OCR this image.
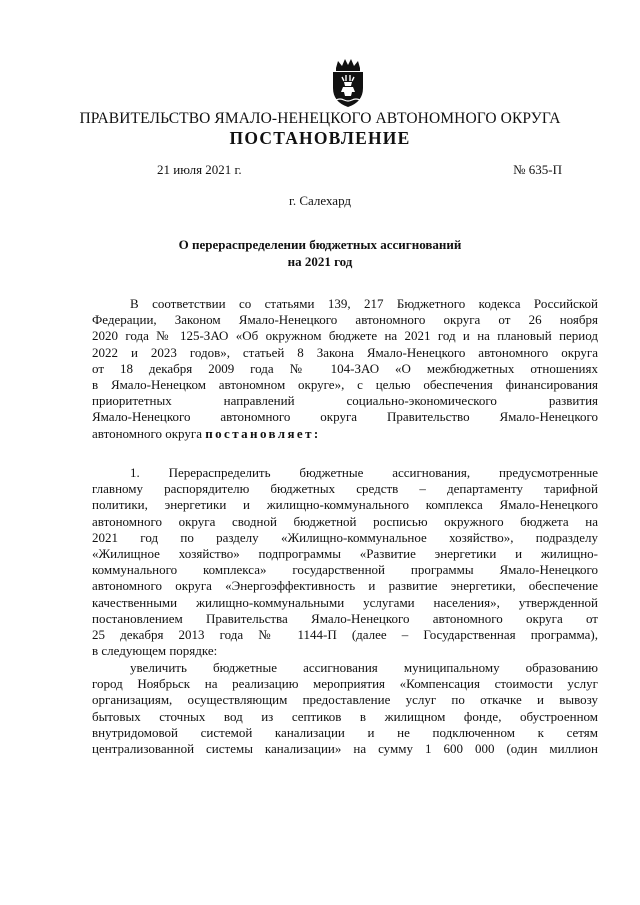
ПРАВИТЕЛЬСТВО ЯМАЛО-НЕНЕЦКОГО АВТОНОМНОГО ОКРУГА
ПОСТАНОВЛЕНИЕ
21 июля 2021 г.	№ 635-П
г. Салехард
О перераспределении бюджетных ассигнований
на 2021 год
В соответствии со статьями 139, 217 Бюджетного кодекса Российской
Федерации, Законом Ямало-Ненецкого автономного округа от 26 ноября
2020 года № 125-ЗАО «Об окружном бюджете на 2021 год и на плановый период
2022 и 2023 годов», статьей 8 Закона Ямало-Ненецкого автономного округа
от 18 декабря 2009 года № 104-ЗАО «О межбюджетных отношениях
в Ямало-Ненецком автономном округе», с целью обеспечения финансирования
приоритетных направлений социально-экономического развития
Ямало-Ненецкого автономного округа Правительство Ямало-Ненецкого
автономного округа постановляет:
1. Перераспределить бюджетные ассигнования, предусмотренные
главному распорядителю бюджетных средств – департаменту тарифной
политики, энергетики и жилищно-коммунального комплекса Ямало-Ненецкого
автономного округа сводной бюджетной росписью окружного бюджета на
2021 год по разделу «Жилищно-коммунальное хозяйство», подразделу
«Жилищное хозяйство» подпрограммы «Развитие энергетики и жилищно-
коммунального комплекса» государственной программы Ямало-Ненецкого
автономного округа «Энергоэффективность и развитие энергетики, обеспечение
качественными жилищно-коммунальными услугами населения», утвержденной
постановлением Правительства Ямало-Ненецкого автономного округа от
25 декабря 2013 года № 1144-П (далее – Государственная программа),
в следующем порядке:
увеличить бюджетные ассигнования муниципальному образованию
город Ноябрьск на реализацию мероприятия «Компенсация стоимости услуг
организациям, осуществляющим предоставление услуг по откачке и вывозу
бытовых сточных вод из септиков в жилищном фонде, обустроенном
внутридомовой системой канализации и не подключенном к сетям
централизованной системы канализации» на сумму 1 600 000 (один миллион
